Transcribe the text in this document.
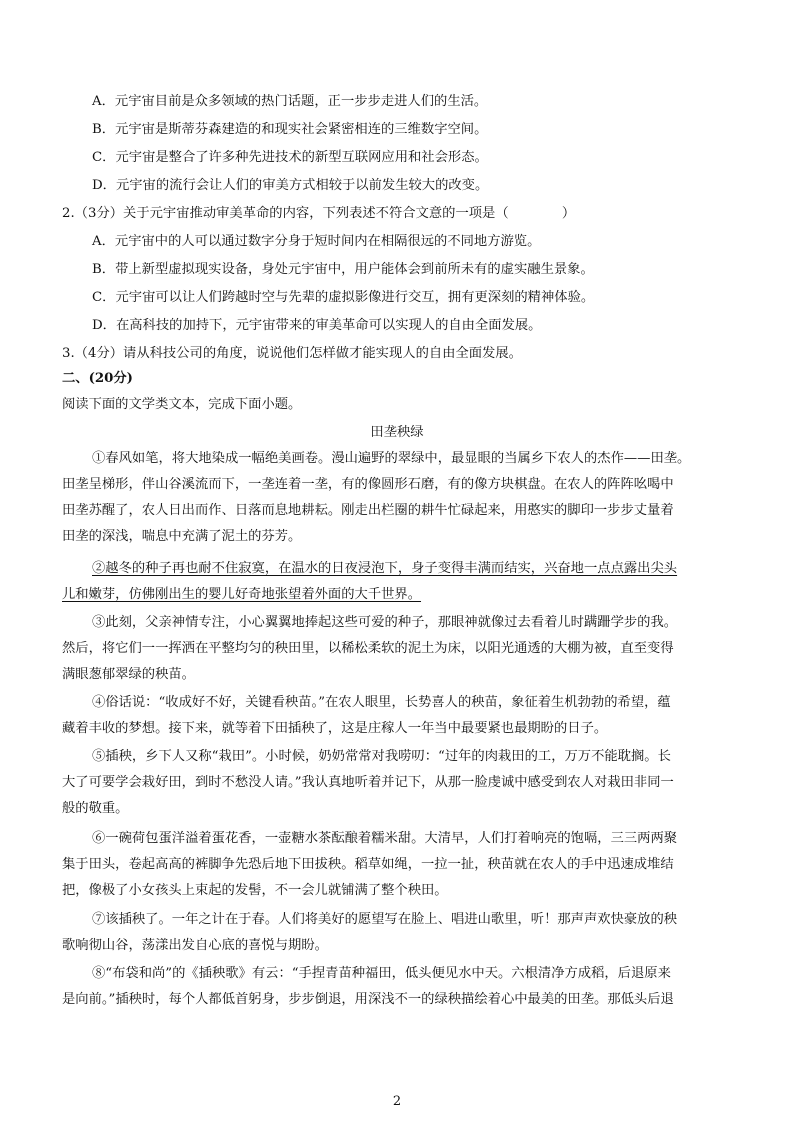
A．元宇宙目前是众多领域的热门话题，正一步步走进人们的生活。
B．元宇宙是斯蒂芬森建造的和现实社会紧密相连的三维数字空间。
C．元宇宙是整合了许多种先进技术的新型互联网应用和社会形态。
D．元宇宙的流行会让人们的审美方式相较于以前发生较大的改变。
2.（3分）关于元宇宙推动审美革命的内容，下列表述不符合文意的一项是（　　　　）
A．元宇宙中的人可以通过数字分身于短时间内在相隔很远的不同地方游览。
B．带上新型虚拟现实设备，身处元宇宙中，用户能体会到前所未有的虚实融生景象。
C．元宇宙可以让人们跨越时空与先辈的虚拟影像进行交互，拥有更深刻的精神体验。
D．在高科技的加持下，元宇宙带来的审美革命可以实现人的自由全面发展。
3.（4分）请从科技公司的角度，说说他们怎样做才能实现人的自由全面发展。
二、(20分)
阅读下面的文学类文本，完成下面小题。
田垄秧绿
①春风如笔，将大地染成一幅绝美画卷。漫山遍野的翠绿中，最显眼的当属乡下农人的杰作——田垄。
田垄呈梯形，伴山谷溪流而下，一垄连着一垄，有的像圆形石磨，有的像方块棋盘。在农人的阵阵吆喝中
田垄苏醒了，农人日出而作、日落而息地耕耘。刚走出栏圈的耕牛忙碌起来，用憨实的脚印一步步丈量着
田垄的深浅，喘息中充满了泥土的芬芳。
②越冬的种子再也耐不住寂寞，在温水的日夜浸泡下，身子变得丰满而结实，兴奋地一点点露出尖头
儿和嫩芽，仿佛刚出生的婴儿好奇地张望着外面的大千世界。
③此刻，父亲神情专注，小心翼翼地捧起这些可爱的种子，那眼神就像过去看着儿时蹒跚学步的我。
然后，将它们一一挥洒在平整均匀的秧田里，以稀松柔软的泥土为床，以阳光通透的大棚为被，直至变得
满眼葱郁翠绿的秧苗。
④俗话说：“收成好不好，关键看秧苗。”在农人眼里，长势喜人的秧苗，象征着生机勃勃的希望，蕴
藏着丰收的梦想。接下来，就等着下田插秧了，这是庄稼人一年当中最要紧也最期盼的日子。
⑤插秧，乡下人又称“栽田”。小时候，奶奶常常对我唠叨：“过年的肉栽田的工，万万不能耽搁。长
大了可要学会栽好田，到时不愁没人请。”我认真地听着并记下，从那一脸虔诚中感受到农人对栽田非同一
般的敬重。
⑥一碗荷包蛋洋溢着蛋花香，一壶糖水茶酝酿着糯米甜。大清早，人们打着响亮的饱嗝，三三两两聚
集于田头，卷起高高的裤脚争先恐后地下田拔秧。稻草如绳，一拉一扯，秧苗就在农人的手中迅速成堆结
把，像极了小女孩头上束起的发髻，不一会儿就铺满了整个秧田。
⑦该插秧了。一年之计在于春。人们将美好的愿望写在脸上、唱进山歌里，听！那声声欢快豪放的秧
歌响彻山谷，荡漾出发自心底的喜悦与期盼。
⑧“布袋和尚”的《插秧歌》有云：“手捏青苗种福田，低头便见水中天。六根清净方成稻，后退原来
是向前。”插秧时，每个人都低首躬身，步步倒退，用深浅不一的绿秧描绘着心中最美的田垄。那低头后退
2
